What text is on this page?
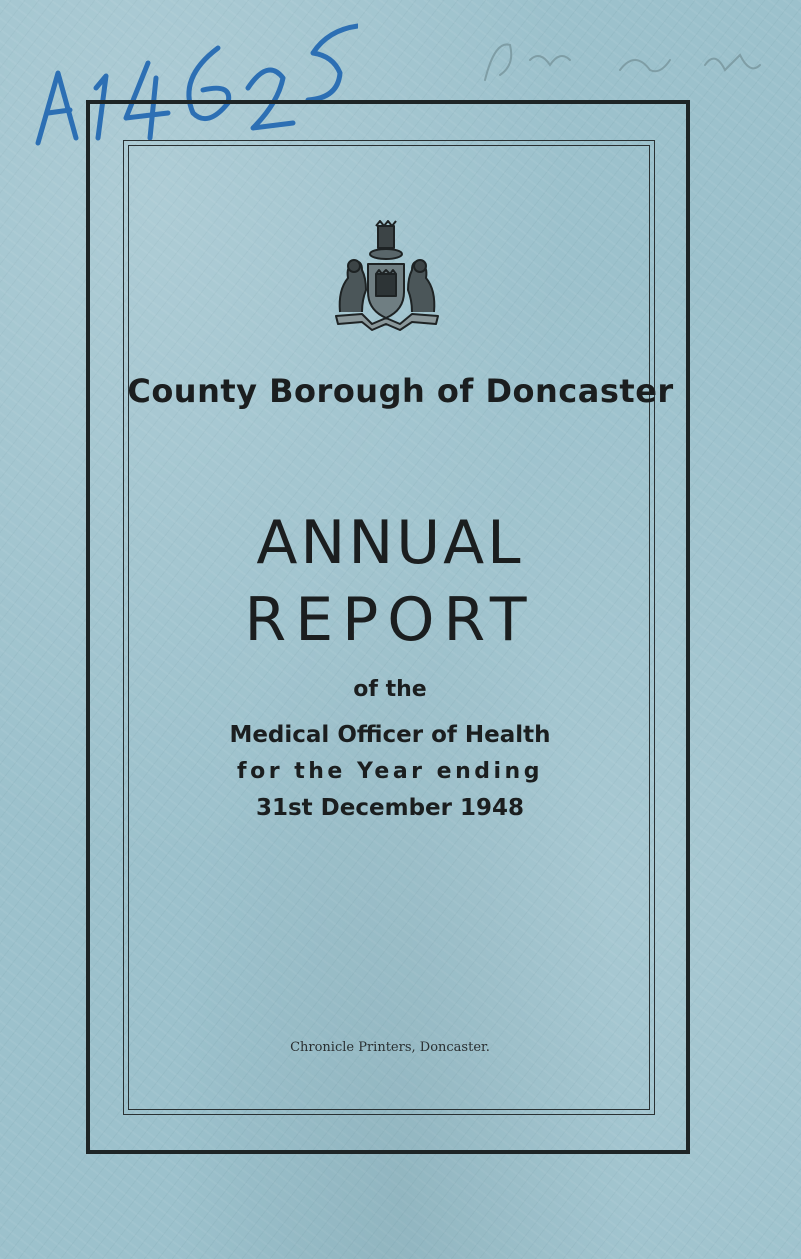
County Borough of Doncaster
ANNUAL
REPORT
of the
Medical Officer of Health
for the Year ending
31st December 1948
Chronicle Printers, Doncaster.
